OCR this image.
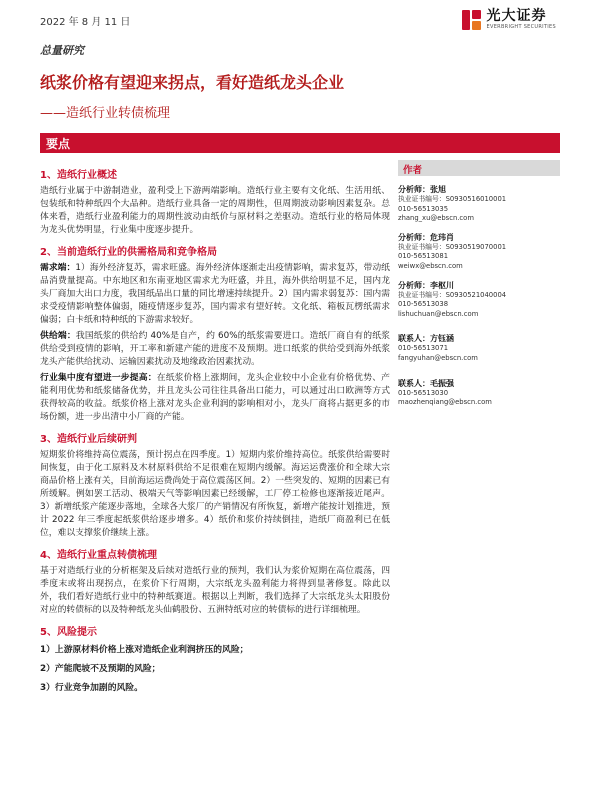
2022 年 8 月 11 日	光大证券
EVERBRIGHT SECURITIES
总量研究
纸浆价格有望迎来拐点，看好造纸龙头企业
——造纸行业转债梳理
要点
1、造纸行业概述

造纸行业属于中游制造业，盈利受上下游两端影响。造纸行业主要有文化纸、生活用纸、包装纸和特种纸四个大品种。造纸行业具备一定的周期性，但周期波动影响因素复杂。总体来看，造纸行业盈利能力的周期性波动由纸价与原材料之差驱动。造纸行业的格局体现为龙头优势明显，行业集中度逐步提升。

2、当前造纸行业的供需格局和竞争格局

需求端：1）海外经济复苏，需求旺盛。海外经济体逐渐走出疫情影响，需求复苏，带动纸品消费量提高。中东地区和东南亚地区需求尤为旺盛，并且，海外供给明显不足，国内龙头厂商加大出口力度，我国纸品出口量的同比增速持续提升。2）国内需求弱复苏：国内需求受疫情影响整体偏弱，随疫情逐步复苏，国内需求有望好转。文化纸、箱板瓦楞纸需求偏弱；白卡纸和特种纸的下游需求较好。

供给端：我国纸浆的供给约 40%是自产，约 60%的纸浆需要进口。造纸厂商自有的纸浆供给受到疫情的影响，开工率和新建产能的进度不及预期。进口纸浆的供给受到海外纸浆龙头产能供给扰动、运输因素扰动及地缘政治因素扰动。

行业集中度有望进一步提高：在纸浆价格上涨期间，龙头企业较中小企业有价格优势、产能利用优势和纸浆储备优势，并且龙头公司往往具备出口能力，可以通过出口欧洲等方式获得较高的收益。纸浆价格上涨对龙头企业利润的影响相对小，龙头厂商将占据更多的市场份额，进一步出清中小厂商的产能。

3、造纸行业后续研判

短期浆价将维持高位震荡，预计拐点在四季度。1）短期内浆价维持高位。纸浆供给需要时间恢复，由于化工原料及木材原料供给不足很难在短期内缓解。海运运费涨价和全球大宗商品价格上涨有关，目前海运运费尚处于高位震荡区间。2）一些突发的、短期的因素已有所缓解。例如罢工活动、极端天气等影响因素已经缓解，工厂停工检修也逐渐接近尾声。3）新增纸浆产能逐步落地，全球各大浆厂的产销情况有所恢复，新增产能按计划推进，预计 2022 年三季度起纸浆供给逐步增多。4）纸价和浆价持续倒挂，造纸厂商盈利已在低位，难以支撑浆价继续上涨。

4、造纸行业重点转债梳理

基于对造纸行业的分析框架及后续对造纸行业的预判，我们认为浆价短期在高位震荡，四季度末或将出现拐点，在浆价下行周期，大宗纸龙头盈利能力将得到显著修复。除此以外，我们看好造纸行业中的特种纸赛道。根据以上判断，我们选择了大宗纸龙头太阳股份对应的转债标的以及特种纸龙头仙鹤股份、五洲特纸对应的转债标的进行详细梳理。

5、风险提示
1）上游原材料价格上涨对造纸企业利润挤压的风险；
2）产能爬坡不及预期的风险；
3）行业竞争加剧的风险。
作者
分析师：张旭
执业证书编号：S0930516010001
010-56513035
zhang_xu@ebscn.com
分析师：危玮肖
执业证书编号：S0930519070001
010-56513081
weiwx@ebscn.com
分析师：李枢川
执业证书编号：S0930521040004
010-56513038
lishuchuan@ebscn.com
联系人：方钰涵
010-56513071
fangyuhan@ebscn.com
联系人：毛振强
010-56513030
maozhenqiang@ebscn.com
